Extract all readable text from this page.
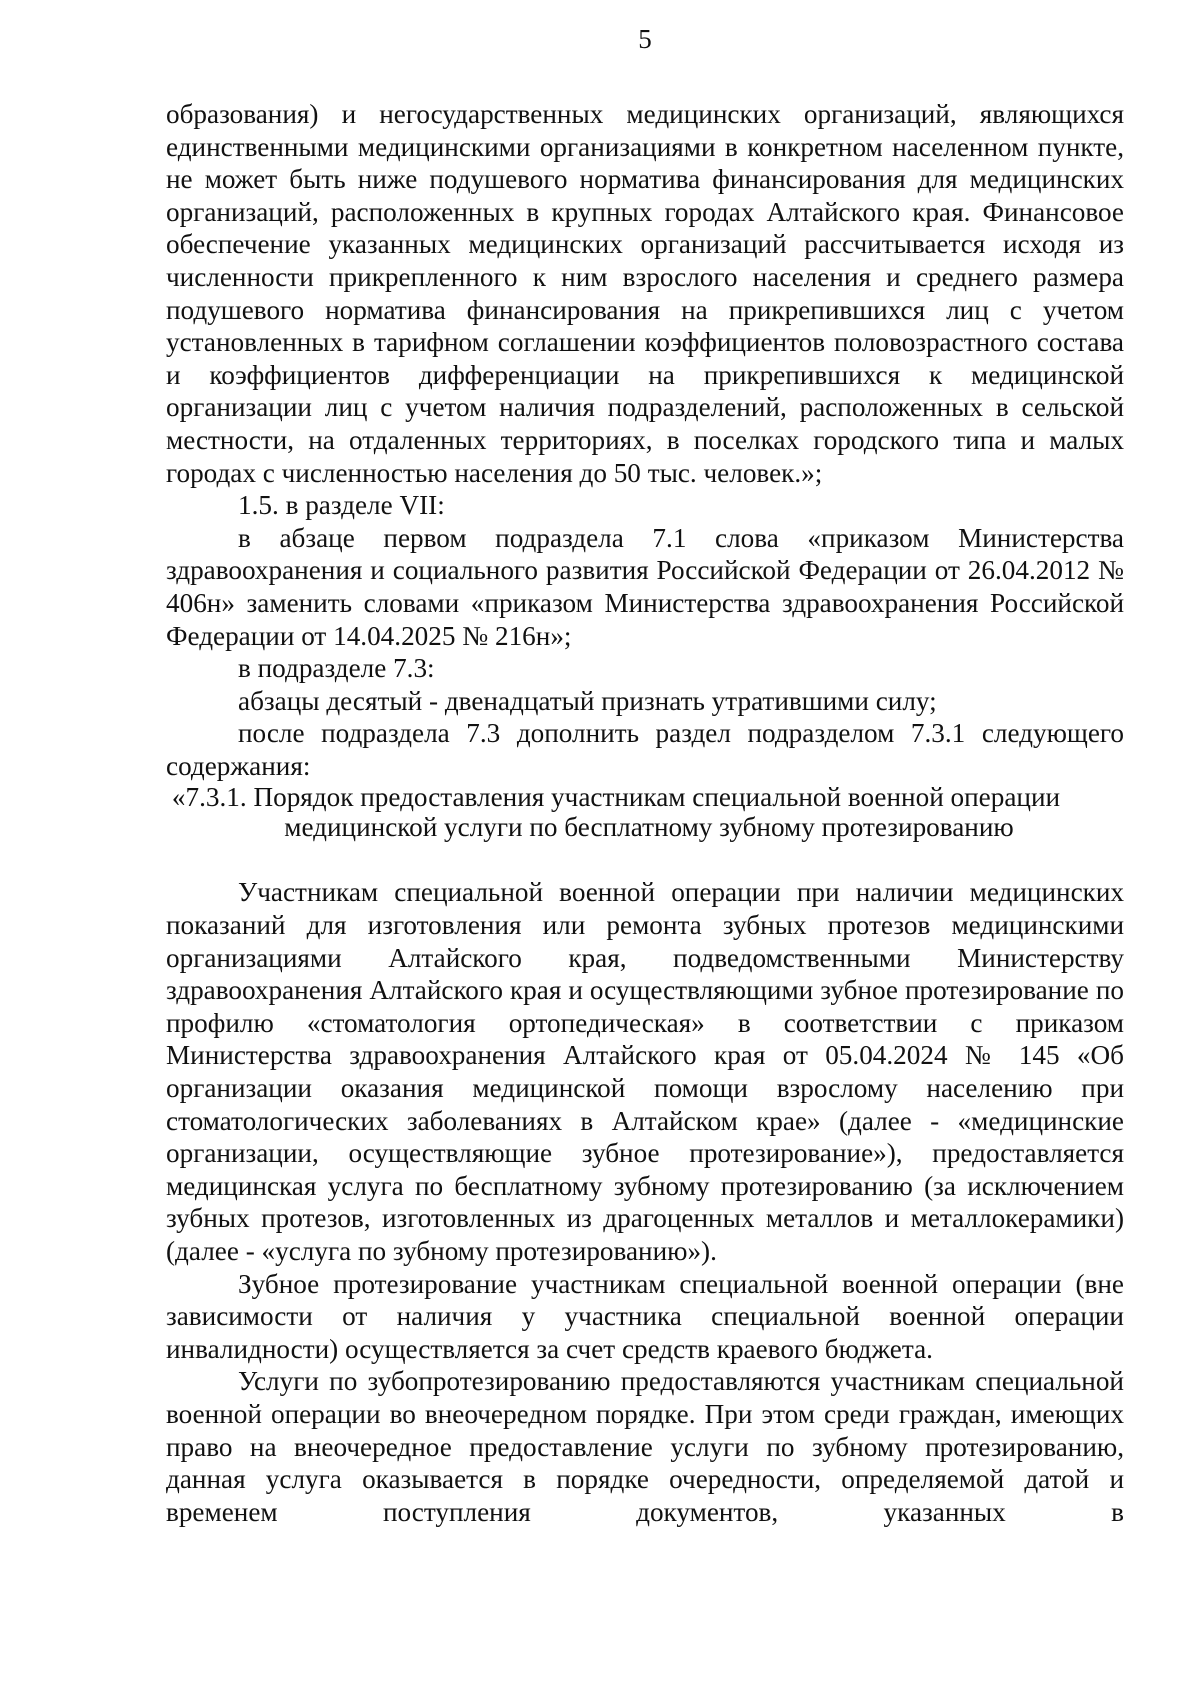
5

образования) и негосударственных медицинских организаций, являющихся единственными медицинскими организациями в конкретном населенном пункте, не может быть ниже подушевого норматива финансирования для медицинских организаций, расположенных в крупных городах Алтайского края. Финансовое обеспечение указанных медицинских организаций рассчитывается исходя из численности прикрепленного к ним взрослого населения и среднего размера подушевого норматива финансирования на прикрепившихся лиц с учетом установленных в тарифном соглашении коэффициентов половозрастного состава и коэффициентов дифференциации на прикрепившихся к медицинской организации лиц с учетом наличия подразделений, расположенных в сельской местности, на отдаленных территориях, в поселках городского типа и малых городах с численностью населения до 50 тыс. человек.»;

1.5. в разделе VII:

в абзаце первом подраздела 7.1 слова «приказом Министерства здравоохранения и социального развития Российской Федерации от 26.04.2012 № 406н» заменить словами «приказом Министерства здравоохранения Российской Федерации от 14.04.2025 № 216н»;

в подразделе 7.3:

абзацы десятый - двенадцатый признать утратившими силу;

после подраздела 7.3 дополнить раздел подразделом 7.3.1 следующего содержания:

«7.3.1. Порядок предоставления участникам специальной военной операции
медицинской услуги по бесплатному зубному протезированию

Участникам специальной военной операции при наличии медицинских показаний для изготовления или ремонта зубных протезов медицинскими организациями Алтайского края, подведомственными Министерству здравоохранения Алтайского края и осуществляющими зубное протезирование по профилю «стоматология ортопедическая» в соответствии с приказом Министерства здравоохранения Алтайского края от 05.04.2024 № 145 «Об организации оказания медицинской помощи взрослому населению при стоматологических заболеваниях в Алтайском крае» (далее - «медицинские организации, осуществляющие зубное протезирование»), предоставляется медицинская услуга по бесплатному зубному протезированию (за исключением зубных протезов, изготовленных из драгоценных металлов и металлокерамики) (далее - «услуга по зубному протезированию»).

Зубное протезирование участникам специальной военной операции (вне зависимости от наличия у участника специальной военной операции инвалидности) осуществляется за счет средств краевого бюджета.

Услуги по зубопротезированию предоставляются участникам специальной военной операции во внеочередном порядке. При этом среди граждан, имеющих право на внеочередное предоставление услуги по зубному протезированию, данная услуга оказывается в порядке очередности, определяемой датой и временем поступления документов, указанных в
